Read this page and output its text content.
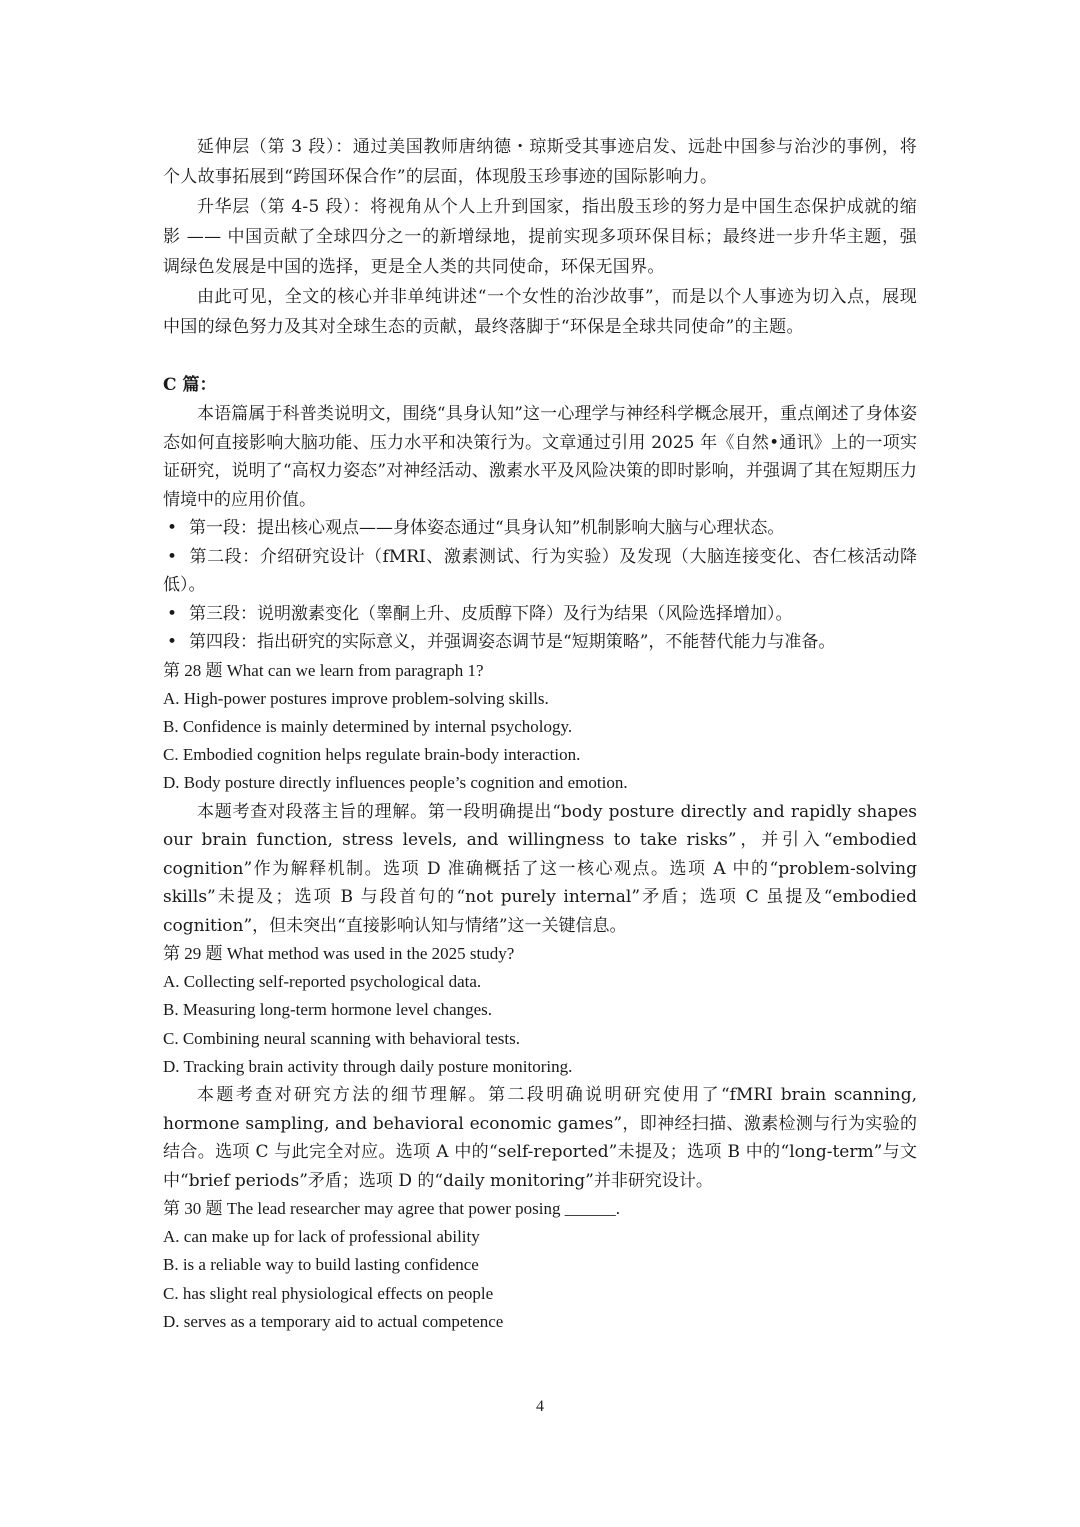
延伸层（第 3 段）：通过美国教师唐纳德・琼斯受其事迹启发、远赴中国参与治沙的事例，将个人故事拓展到“跨国环保合作”的层面，体现殷玉珍事迹的国际影响力。

升华层（第 4-5 段）：将视角从个人上升到国家，指出殷玉珍的努力是中国生态保护成就的缩影 —— 中国贡献了全球四分之一的新增绿地，提前实现多项环保目标；最终进一步升华主题，强调绿色发展是中国的选择，更是全人类的共同使命，环保无国界。

由此可见，全文的核心并非单纯讲述“一个女性的治沙故事”，而是以个人事迹为切入点，展现中国的绿色努力及其对全球生态的贡献，最终落脚于“环保是全球共同使命”的主题。

C 篇：

本语篇属于科普类说明文，围绕“具身认知”这一心理学与神经科学概念展开，重点阐述了身体姿态如何直接影响大脑功能、压力水平和决策行为。文章通过引用 2025 年《自然•通讯》上的一项实证研究，说明了“高权力姿态”对神经活动、激素水平及风险决策的即时影响，并强调了其在短期压力情境中的应用价值。

• 第一段：提出核心观点——身体姿态通过“具身认知”机制影响大脑与心理状态。

• 第二段：介绍研究设计（fMRI、激素测试、行为实验）及发现（大脑连接变化、杏仁核活动降低）。

• 第三段：说明激素变化（睾酮上升、皮质醇下降）及行为结果（风险选择增加）。

• 第四段：指出研究的实际意义，并强调姿态调节是“短期策略”，不能替代能力与准备。

第 28 题 What can we learn from paragraph 1?

A. High-power postures improve problem-solving skills.

B. Confidence is mainly determined by internal psychology.

C. Embodied cognition helps regulate brain-body interaction.

D. Body posture directly influences people’s cognition and emotion.

本题考查对段落主旨的理解。第一段明确提出“body posture directly and rapidly shapes our brain function, stress levels, and willingness to take risks”，并引入“embodied cognition”作为解释机制。选项 D 准确概括了这一核心观点。选项 A 中的“problem-solving skills”未提及；选项 B 与段首句的“not purely internal”矛盾；选项 C 虽提及“embodied cognition”，但未突出“直接影响认知与情绪”这一关键信息。

第 29 题 What method was used in the 2025 study?

A. Collecting self-reported psychological data.

B. Measuring long-term hormone level changes.

C. Combining neural scanning with behavioral tests.

D. Tracking brain activity through daily posture monitoring.

本题考查对研究方法的细节理解。第二段明确说明研究使用了“fMRI brain scanning, hormone sampling, and behavioral economic games”，即神经扫描、激素检测与行为实验的结合。选项 C 与此完全对应。选项 A 中的“self-reported”未提及；选项 B 中的“long-term”与文中“brief periods”矛盾；选项 D 的“daily monitoring”并非研究设计。

第 30 题 The lead researcher may agree that power posing ______.

A. can make up for lack of professional ability

B. is a reliable way to build lasting confidence

C. has slight real physiological effects on people

D. serves as a temporary aid to actual competence

4
